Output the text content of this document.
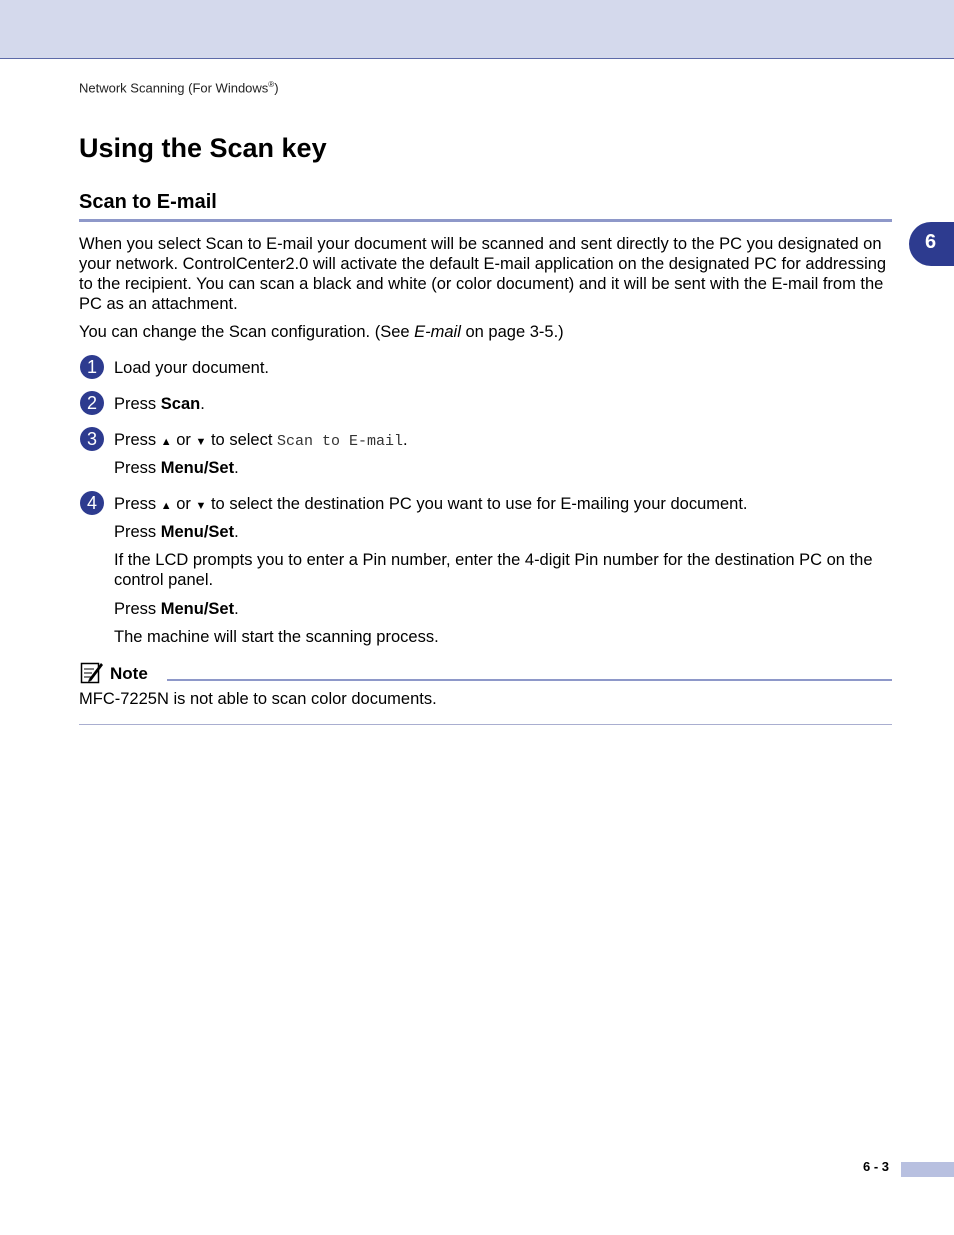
Network Scanning (For Windows®)
Using the Scan key
Scan to E-mail
6

When you select Scan to E-mail your document will be scanned and sent directly to the PC you designated on your network. ControlCenter2.0 will activate the default E-mail application on the designated PC for addressing to the recipient. You can scan a black and white (or color document) and it will be sent with the E-mail from the PC as an attachment.

You can change the Scan configuration. (See E-mail on page 3-5.)

1	Load your document.

2	Press Scan.

3	Press ▲ or ▼ to select Scan to E-mail.

Press Menu/Set.

4	Press ▲ or ▼ to select the destination PC you want to use for E-mailing your document.

Press Menu/Set.

If the LCD prompts you to enter a Pin number, enter the 4-digit Pin number for the destination PC on the control panel.

Press Menu/Set.

The machine will start the scanning process.

Note

MFC-7225N is not able to scan color documents.

6 - 3
